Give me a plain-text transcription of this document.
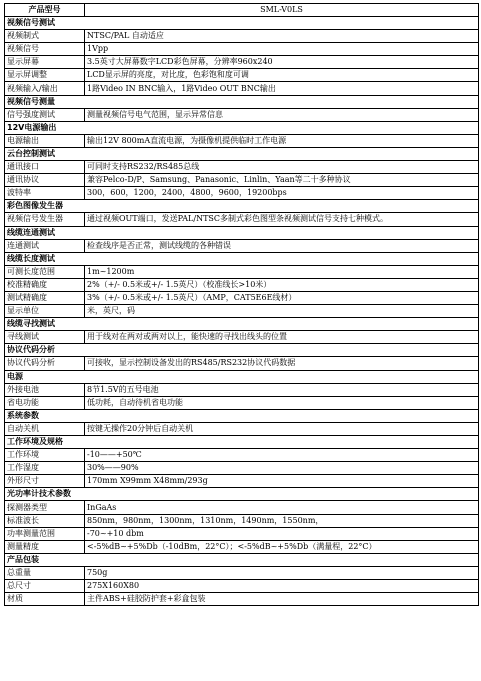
产品型号	SML-V0LS
视频信号测试	
视频制式	NTSC/PAL 自动适应
视频信号	1Vpp
显示屏幕	3.5英寸大屏幕数字LCD彩色屏幕，分辨率960x240
显示屏调整	LCD显示屏的亮度，对比度，色彩饱和度可调
视频输入/输出	1路Video IN BNC输入，1路Video OUT BNC输出
视频信号测量	
信号强度测试	测量视频信号电气范围，显示异常信息
12V电源输出	
电源输出	输出12V 800mA直流电源，为摄像机提供临时工作电源
云台控制测试	
通讯接口	可同时支持RS232/RS485总线
通讯协议	兼容Pelco-D/P、Samsung、Panasonic、Linlin、Yaan等二十多种协议
波特率	300，600，1200，2400，4800，9600，19200bps
彩色图像发生器	
视频信号发生器	通过视频OUT端口，发送PAL/NTSC多制式彩色图型条视频测试信号支持七种模式。
线缆连通测试	
连通测试	检查线序是否正常，测试线缆的各种错误
线缆长度测试	
可测长度范围	1m~1200m
校准精确度	2%（+/- 0.5米或+/- 1.5英尺）（校准线长>10米）
测试精确度	3%（+/- 0.5米或+/- 1.5英尺）（AMP，CAT5E6E线材）
显示单位	米，英尺，码
线缆寻找测试	
寻线测试	用于线对在两对或两对以上，能快速的寻找出线头的位置
协议代码分析	
协议代码分析	可接收，显示控制设备发出的RS485/RS232协议代码数据
电源	
外接电池	8节1.5V的五号电池
省电功能	低功耗，自动待机省电功能
系统参数	
自动关机	按键无操作20分钟后自动关机
工作环境及规格	
工作环境	-10——+50℃
工作湿度	30%——90%
外形尺寸	170mm X99mm X48mm/293g
光功率计技术参数	
探测器类型	InGaAs
标准波长	850nm，980nm，1300nm，1310nm，1490nm，1550nm，
功率测量范围	-70~+10 dbm
测量精度	<-5%dB~+5%Db（-10dBm，22°C）；<-5%dB~+5%Db（满量程，22°C）
产品包装	
总重量	750g
总尺寸	275X160X80
材质	主件ABS+硅胶防护套+彩盒包装
